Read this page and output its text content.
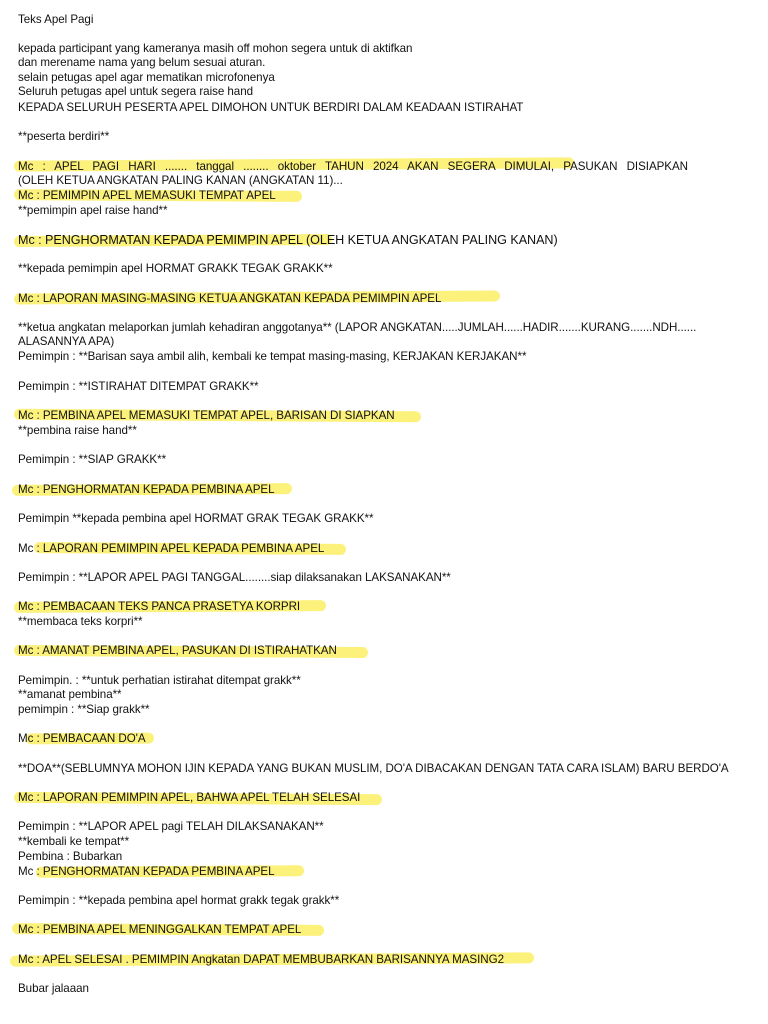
Teks Apel Pagi
kepada participant yang kameranya masih off mohon segera untuk di aktifkan
dan merename nama yang belum sesuai aturan.
selain petugas apel agar mematikan microfonenya
Seluruh petugas apel untuk segera raise hand
KEPADA SELURUH PESERTA APEL DIMOHON UNTUK BERDIRI DALAM KEADAAN ISTIRAHAT
**peserta berdiri**
Mc : APEL PAGI HARI ....... tanggal ........ oktober TAHUN 2024 AKAN SEGERA DIMULAI, PASUKAN DISIAPKAN
(OLEH KETUA ANGKATAN PALING KANAN (ANGKATAN 11)...
Mc : PEMIMPIN APEL MEMASUKI TEMPAT APEL
**pemimpin apel raise hand**
Mc : PENGHORMATAN KEPADA PEMIMPIN APEL (OLEH KETUA ANGKATAN PALING KANAN)
**kepada pemimpin apel HORMAT GRAKK TEGAK GRAKK**
Mc : LAPORAN MASING-MASING KETUA ANGKATAN KEPADA PEMIMPIN APEL
**ketua angkatan melaporkan jumlah kehadiran anggotanya** (LAPOR ANGKATAN.....JUMLAH......HADIR.......KURANG.......NDH...... ALASANNYA APA)
Pemimpin : **Barisan saya ambil alih, kembali ke tempat masing-masing, KERJAKAN KERJAKAN**
Pemimpin : **ISTIRAHAT DITEMPAT GRAKK**
Mc : PEMBINA APEL MEMASUKI TEMPAT APEL, BARISAN DI SIAPKAN
**pembina raise hand**
Pemimpin : **SIAP GRAKK**
Mc : PENGHORMATAN KEPADA PEMBINA APEL
Pemimpin **kepada pembina apel HORMAT GRAK TEGAK GRAKK**
Mc : LAPORAN PEMIMPIN APEL KEPADA PEMBINA APEL
Pemimpin : **LAPOR APEL PAGI TANGGAL........siap dilaksanakan LAKSANAKAN**
Mc : PEMBACAAN TEKS PANCA PRASETYA KORPRI
**membaca teks korpri**
Mc : AMANAT PEMBINA APEL, PASUKAN DI ISTIRAHATKAN
Pemimpin. : **untuk perhatian istirahat ditempat grakk**
**amanat pembina**
pemimpin : **Siap grakk**
Mc : PEMBACAAN DO'A
**DOA**(SEBLUMNYA MOHON IJIN KEPADA YANG BUKAN MUSLIM, DO'A DIBACAKAN DENGAN TATA CARA ISLAM) BARU BERDO'A
Mc : LAPORAN PEMIMPIN APEL, BAHWA APEL TELAH SELESAI
Pemimpin : **LAPOR APEL pagi TELAH DILAKSANAKAN**
**kembali ke tempat**
Pembina : Bubarkan
Mc : PENGHORMATAN KEPADA PEMBINA APEL
Pemimpin : **kepada pembina apel hormat grakk tegak grakk**
Mc : PEMBINA APEL MENINGGALKAN TEMPAT APEL
Mc : APEL SELESAI . PEMIMPIN Angkatan DAPAT MEMBUBARKAN BARISANNYA MASING2
Bubar jalaaan
